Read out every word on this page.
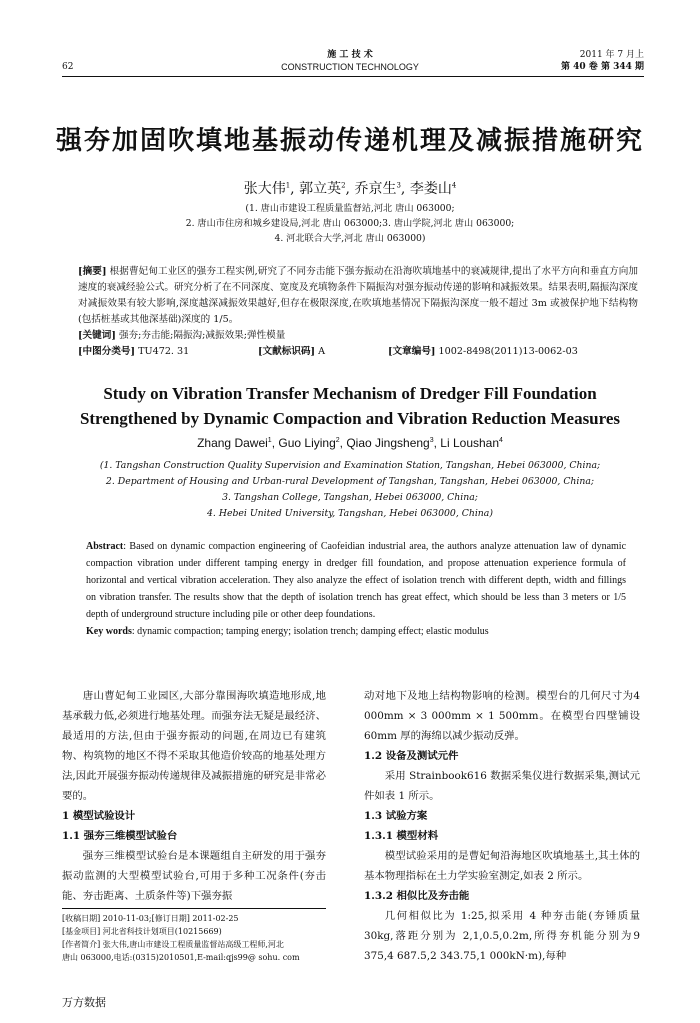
62
施 工 技 术
CONSTRUCTION TECHNOLOGY
2011 年 7 月上
第 40 卷 第 344 期
强夯加固吹填地基振动传递机理及减振措施研究
张大伟$^1$, 郭立英$^2$, 乔京生$^3$, 李娄山$^4$
(1. 唐山市建设工程质量监督站,河北 唐山 063000;
2. 唐山市住房和城乡建设局,河北 唐山 063000;3. 唐山学院,河北 唐山 063000;
4. 河北联合大学,河北 唐山 063000)
[摘要] 根据曹妃甸工业区的强夯工程实例,研究了不同夯击能下强夯振动在沿海吹填地基中的衰减规律,提出了水平方向和垂直方向加速度的衰减经验公式。研究分析了在不同深度、宽度及充填物条件下隔振沟对强夯振动传递的影响和减振效果。结果表明,隔振沟深度对减振效果有较大影响,深度越深减振效果越好,但存在极限深度,在吹填地基情况下隔振沟深度一般不超过 3m 或被保护地下结构物(包括桩基或其他深基础)深度的 1/5。
[关键词] 强夯;夯击能;隔振沟;减振效果;弹性模量
[中图分类号] TU472. 31	[文献标识码] A	[文章编号] 1002-8498(2011)13-0062-03
Study on Vibration Transfer Mechanism of Dredger Fill Foundation
Strengthened by Dynamic Compaction and Vibration Reduction Measures
Zhang Dawei$^1$, Guo Liying$^2$, Qiao Jingsheng$^3$, Li Loushan$^4$
(1. Tangshan Construction Quality Supervision and Examination Station, Tangshan, Hebei 063000, China;
2. Department of Housing and Urban-rural Development of Tangshan, Tangshan, Hebei 063000, China;
3. Tangshan College, Tangshan, Hebei 063000, China;
4. Hebei United University, Tangshan, Hebei 063000, China)
Abstract: Based on dynamic compaction engineering of Caofeidian industrial area, the authors analyze attenuation law of dynamic compaction vibration under different tamping energy in dredger fill foundation, and propose attenuation experience formula of horizontal and vertical vibration acceleration. They also analyze the effect of isolation trench with different depth, width and fillings on vibration transfer. The results show that the depth of isolation trench has great effect, which should be less than 3 meters or 1/5 depth of underground structure including pile or other deep foundations.
Key words: dynamic compaction; tamping energy; isolation trench; damping effect; elastic modulus

唐山曹妃甸工业园区,大部分靠围海吹填造地形成,地基承载力低,必须进行地基处理。而强夯法无疑是最经济、最适用的方法,但由于强夯振动的问题,在周边已有建筑物、构筑物的地区不得不采取其他造价较高的地基处理方法,因此开展强夯振动传递规律及减振措施的研究是非常必要的。

1 模型试验设计

1.1 强夯三维模型试验台

强夯三维模型试验台是本课题组自主研发的用于强夯振动监测的大型模型试验台,可用于多种工况条件(夯击能、夯击距离、土质条件等)下强夯振

[收稿日期] 2010-11-03;[修订日期] 2011-02-25
[基金项目] 河北省科技计划项目(10215669)
[作者简介] 张大伟,唐山市建设工程质量监督站高级工程师,河北
唐山 063000,电话:(0315)2010501,E-mail:qjs99@ sohu. com

动对地下及地上结构物影响的检测。模型台的几何尺寸为4 000mm × 3 000mm × 1 500mm。在模型台四壁铺设 60mm 厚的海绵以减少振动反弹。

1.2 设备及测试元件

采用 Strainbook616 数据采集仪进行数据采集,测试元件如表 1 所示。

1.3 试验方案

1.3.1 模型材料

模型试验采用的是曹妃甸沿海地区吹填地基土,其土体的基本物理指标在土力学实验室测定,如表 2 所示。

1.3.2 相似比及夯击能

几何相似比为 1:25,拟采用 4 种夯击能(夯锤质量 30kg,落距分别为 2,1,0.5,0.2m,所得夯机能分别为9 375,4 687.5,2 343.75,1 000kN·m),每种

万方数据
